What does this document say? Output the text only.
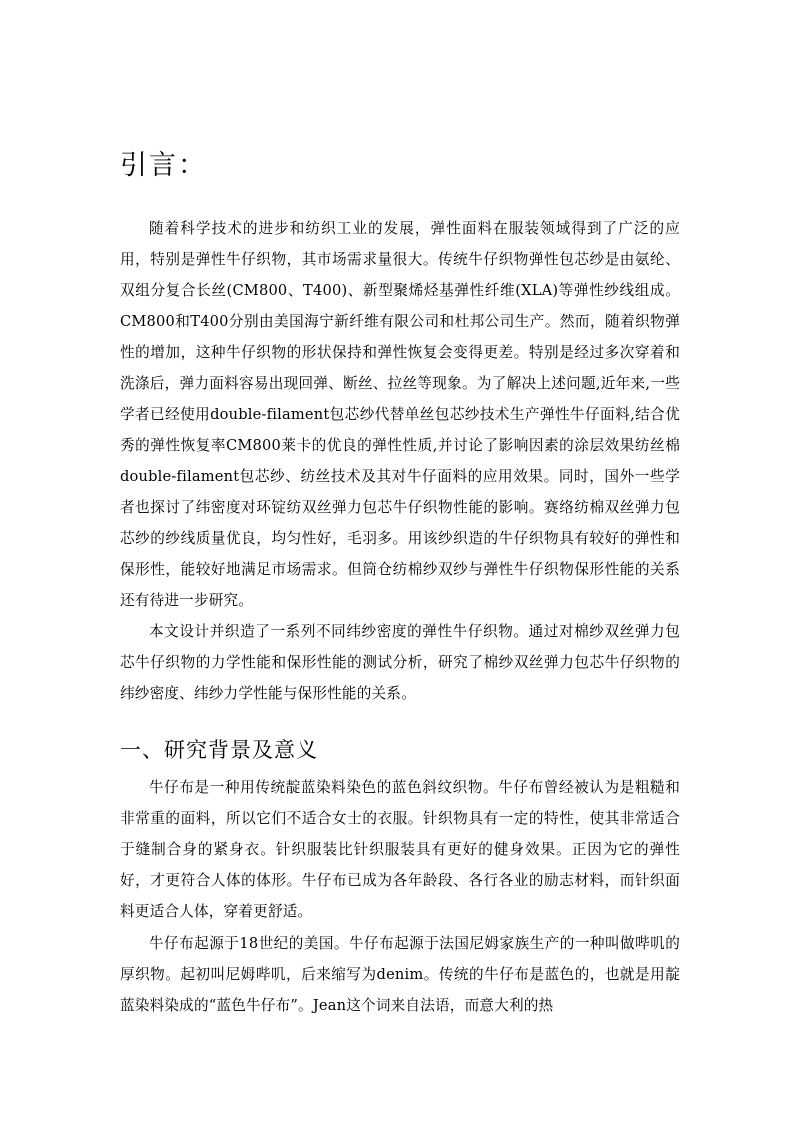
引言：

随着科学技术的进步和纺织工业的发展，弹性面料在服装领域得到了广泛的应用，特别是弹性牛仔织物，其市场需求量很大。传统牛仔织物弹性包芯纱是由氨纶、双组分复合长丝(CM800、T400)、新型聚烯烃基弹性纤维(XLA)等弹性纱线组成。CM800和T400分别由美国海宁新纤维有限公司和杜邦公司生产。然而，随着织物弹性的增加，这种牛仔织物的形状保持和弹性恢复会变得更差。特别是经过多次穿着和洗涤后，弹力面料容易出现回弹、断丝、拉丝等现象。为了解决上述问题,近年来,一些学者已经使用double-filament包芯纱代替单丝包芯纱技术生产弹性牛仔面料,结合优秀的弹性恢复率CM800莱卡的优良的弹性性质,并讨论了影响因素的涂层效果纺丝棉double-filament包芯纱、纺丝技术及其对牛仔面料的应用效果。同时，国外一些学者也探讨了纬密度对环锭纺双丝弹力包芯牛仔织物性能的影响。赛络纺棉双丝弹力包芯纱的纱线质量优良，均匀性好，毛羽多。用该纱织造的牛仔织物具有较好的弹性和保形性，能较好地满足市场需求。但筒仓纺棉纱双纱与弹性牛仔织物保形性能的关系还有待进一步研究。

本文设计并织造了一系列不同纬纱密度的弹性牛仔织物。通过对棉纱双丝弹力包芯牛仔织物的力学性能和保形性能的测试分析，研究了棉纱双丝弹力包芯牛仔织物的纬纱密度、纬纱力学性能与保形性能的关系。

一、研究背景及意义

牛仔布是一种用传统靛蓝染料染色的蓝色斜纹织物。牛仔布曾经被认为是粗糙和非常重的面料，所以它们不适合女士的衣服。针织物具有一定的特性，使其非常适合于缝制合身的紧身衣。针织服装比针织服装具有更好的健身效果。正因为它的弹性好，才更符合人体的体形。牛仔布已成为各年龄段、各行各业的励志材料，而针织面料更适合人体，穿着更舒适。

牛仔布起源于18世纪的美国。牛仔布起源于法国尼姆家族生产的一种叫做哔叽的厚织物。起初叫尼姆哔叽，后来缩写为denim。传统的牛仔布是蓝色的，也就是用靛蓝染料染成的“蓝色牛仔布”。Jean这个词来自法语，而意大利的热
